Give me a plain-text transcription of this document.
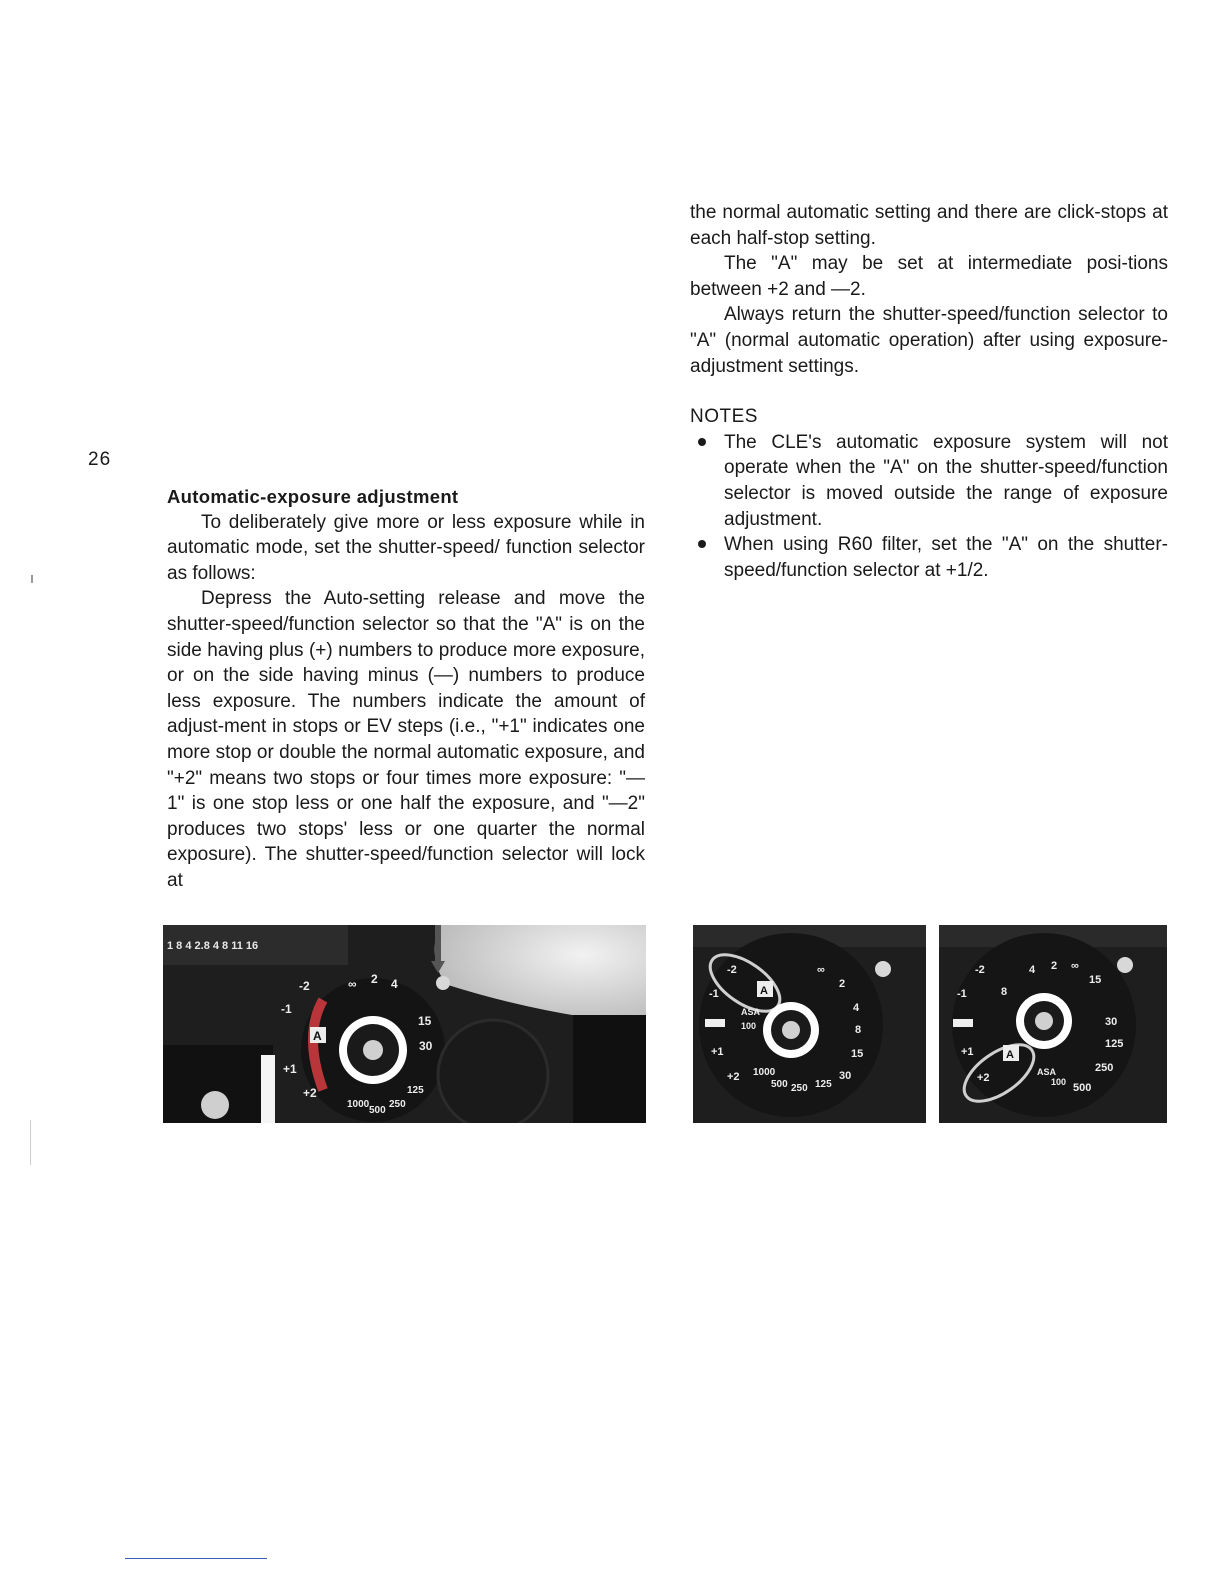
26
Automatic-exposure adjustment

To deliberately give more or less exposure while in automatic mode, set the shutter-speed/ function selector as follows:

Depress the Auto-setting release and move the shutter-speed/function selector so that the "A" is on the side having plus (+) numbers to produce more exposure, or on the side having minus (—) numbers to produce less exposure. The numbers indicate the amount of adjust-ment in stops or EV steps (i.e., "+1" indicates one more stop or double the normal automatic exposure, and "+2" means two stops or four times more exposure: "—1" is one stop less or one half the exposure, and "—2" produces two stops' less or one quarter the normal exposure). The shutter-speed/function selector will lock at

the normal automatic setting and there are click-stops at each half-stop setting.

The "A" may be set at intermediate posi-tions between +2 and —2.

Always return the shutter-speed/function selector to "A" (normal automatic operation) after using exposure-adjustment settings.

NOTES

The CLE's automatic exposure system will not operate when the "A" on the shutter-speed/function selector is moved outside the range of exposure adjustment.
When using R60 filter, set the "A" on the shutter-speed/function selector at +1/2.
1 8 4 2.8 4 8 11 16
-2
-1
+1
+2
A
∞ 2 4
15
30
1000
500
250
125
-2
-1
+1
+2
A
ASA
100
∞
2
4
8
15
30
1000
500 250 125
-2
-1
+1
+2
A
ASA
100
∞
2
4
8
15
30
125
250
500
